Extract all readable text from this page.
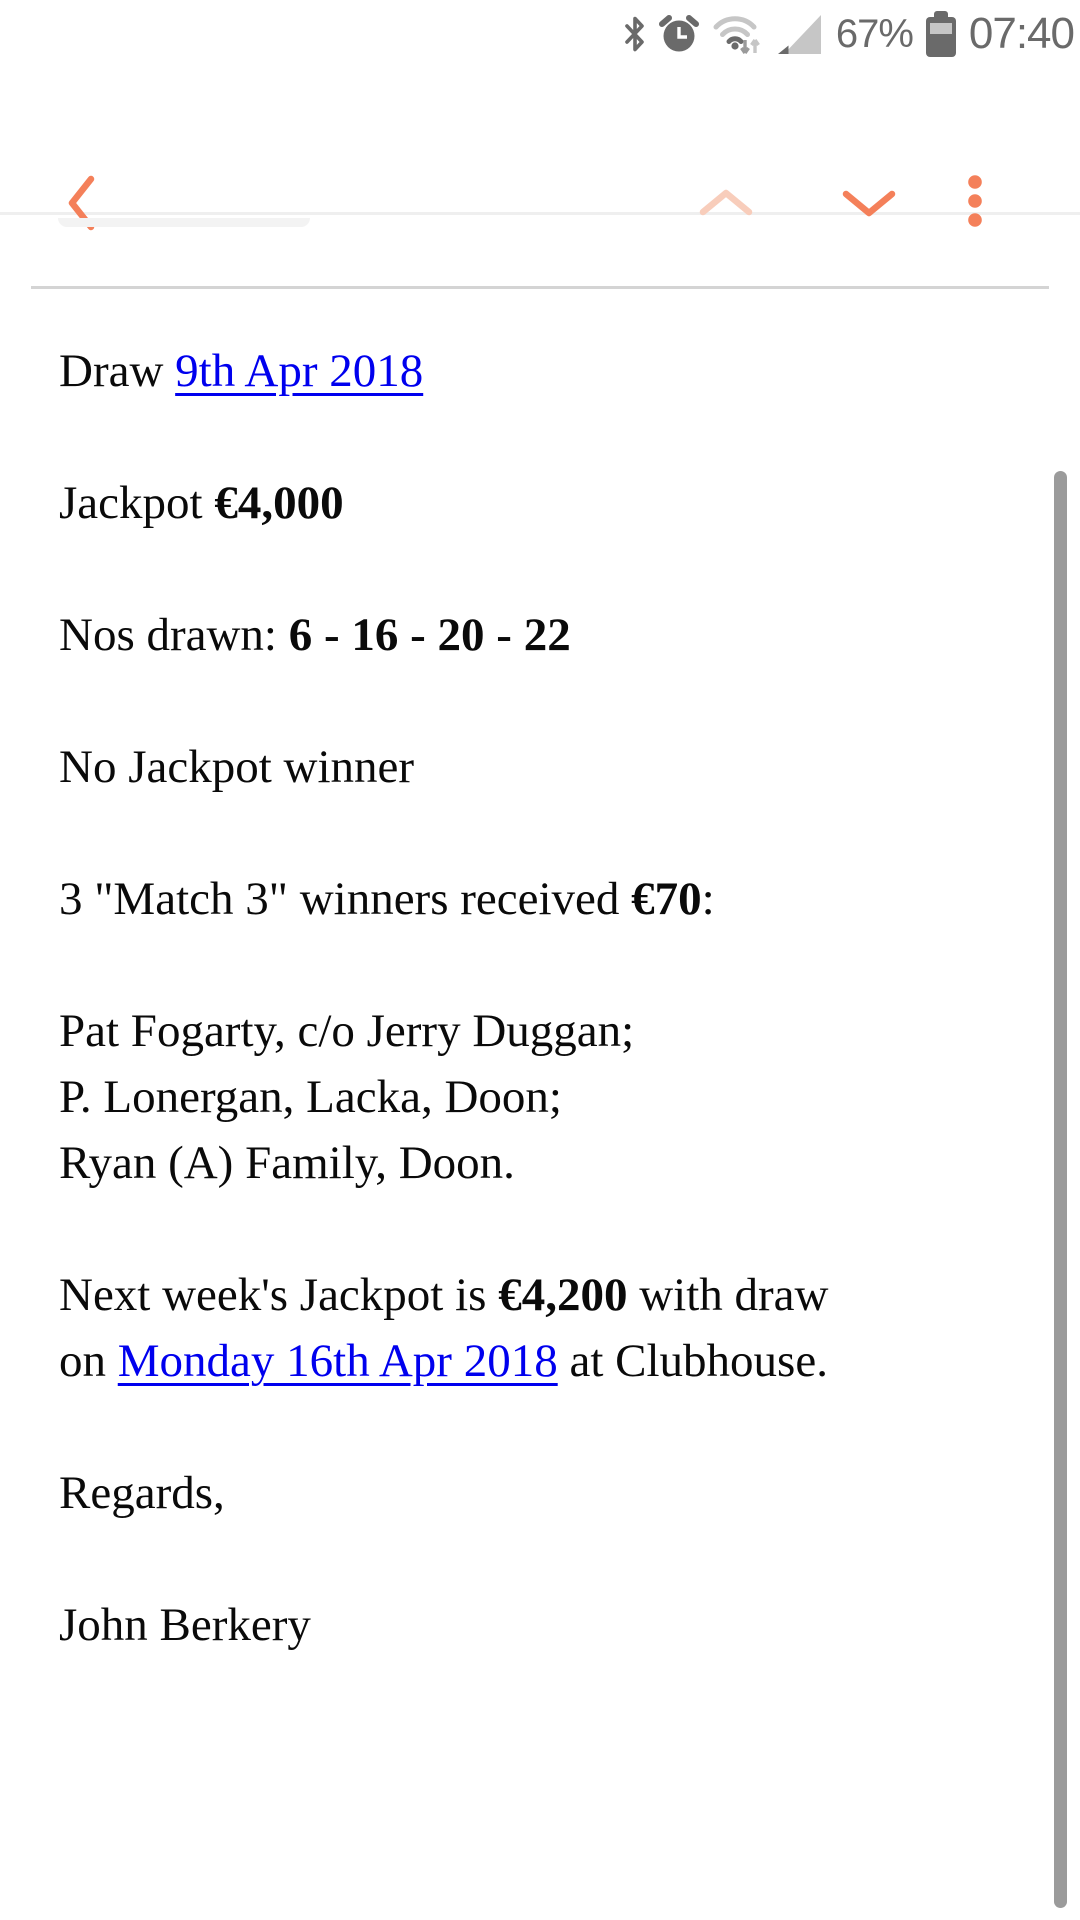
67% 07:40

Draw 9th Apr 2018

Jackpot €4,000

Nos drawn: 6 - 16 - 20 - 22

No Jackpot winner

3 "Match 3" winners received €70:

Pat Fogarty, c/o Jerry Duggan;
P. Lonergan, Lacka, Doon;
Ryan (A) Family, Doon.

Next week's Jackpot is €4,200 with draw
on Monday 16th Apr 2018 at Clubhouse.

Regards,

John Berkery
